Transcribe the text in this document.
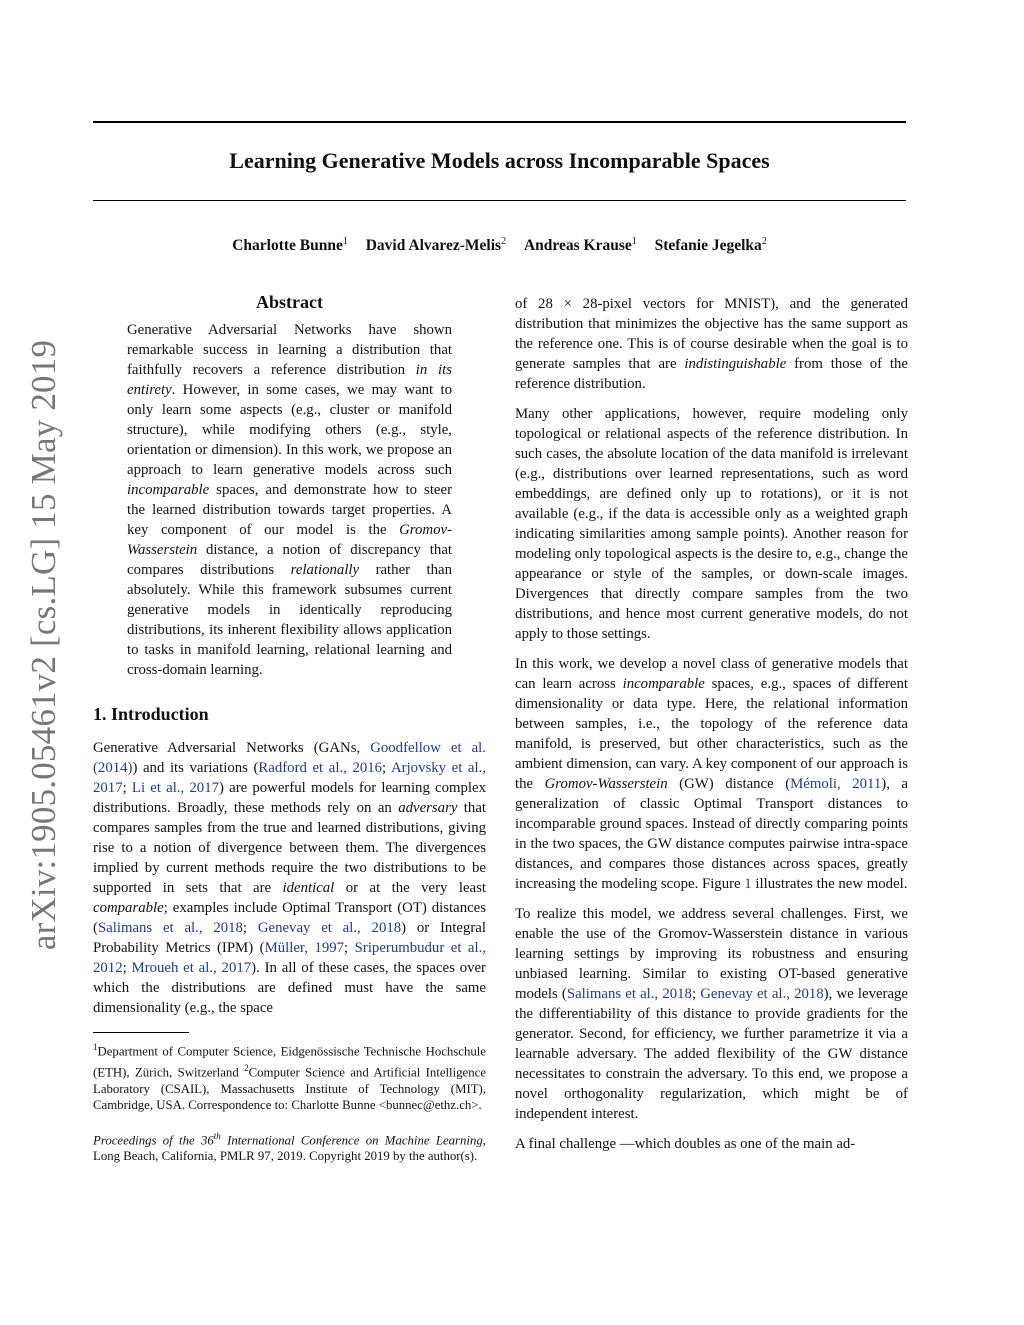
Learning Generative Models across Incomparable Spaces
Charlotte Bunne$^1$ David Alvarez-Melis$^2$ Andreas Krause$^1$ Stefanie Jegelka$^2$
arXiv:1905.05461v2 [cs.LG] 15 May 2019
Abstract
Generative Adversarial Networks have shown remarkable success in learning a distribution that faithfully recovers a reference distribution in its entirety. However, in some cases, we may want to only learn some aspects (e.g., cluster or manifold structure), while modifying others (e.g., style, orientation or dimension). In this work, we propose an approach to learn generative models across such incomparable spaces, and demonstrate how to steer the learned distribution towards target properties. A key component of our model is the Gromov-Wasserstein distance, a notion of discrepancy that compares distributions relationally rather than absolutely. While this framework subsumes current generative models in identically reproducing distributions, its inherent flexibility allows application to tasks in manifold learning, relational learning and cross-domain learning.
1. Introduction

Generative Adversarial Networks (GANs, Goodfellow et al. (2014)) and its variations (Radford et al., 2016; Arjovsky et al., 2017; Li et al., 2017) are powerful models for learning complex distributions. Broadly, these methods rely on an adversary that compares samples from the true and learned distributions, giving rise to a notion of divergence between them. The divergences implied by current methods require the two distributions to be supported in sets that are identical or at the very least comparable; examples include Optimal Transport (OT) distances (Salimans et al., 2018; Genevay et al., 2018) or Integral Probability Metrics (IPM) (Müller, 1997; Sriperumbudur et al., 2012; Mroueh et al., 2017). In all of these cases, the spaces over which the distributions are defined must have the same dimensionality (e.g., the space

$^1$Department of Computer Science, Eidgenössische Technische Hochschule (ETH), Zürich, Switzerland $^2$Computer Science and Artificial Intelligence Laboratory (CSAIL), Massachusetts Institute of Technology (MIT), Cambridge, USA. Correspondence to: Charlotte Bunne <bunnec@ethz.ch>.
Proceedings of the 36th International Conference on Machine Learning, Long Beach, California, PMLR 97, 2019. Copyright 2019 by the author(s).

of 28 × 28-pixel vectors for MNIST), and the generated distribution that minimizes the objective has the same support as the reference one. This is of course desirable when the goal is to generate samples that are indistinguishable from those of the reference distribution.

Many other applications, however, require modeling only topological or relational aspects of the reference distribution. In such cases, the absolute location of the data manifold is irrelevant (e.g., distributions over learned representations, such as word embeddings, are defined only up to rotations), or it is not available (e.g., if the data is accessible only as a weighted graph indicating similarities among sample points). Another reason for modeling only topological aspects is the desire to, e.g., change the appearance or style of the samples, or down-scale images. Divergences that directly compare samples from the two distributions, and hence most current generative models, do not apply to those settings.

In this work, we develop a novel class of generative models that can learn across incomparable spaces, e.g., spaces of different dimensionality or data type. Here, the relational information between samples, i.e., the topology of the reference data manifold, is preserved, but other characteristics, such as the ambient dimension, can vary. A key component of our approach is the Gromov-Wasserstein (GW) distance (Mémoli, 2011), a generalization of classic Optimal Transport distances to incomparable ground spaces. Instead of directly comparing points in the two spaces, the GW distance computes pairwise intra-space distances, and compares those distances across spaces, greatly increasing the modeling scope. Figure 1 illustrates the new model.

To realize this model, we address several challenges. First, we enable the use of the Gromov-Wasserstein distance in various learning settings by improving its robustness and ensuring unbiased learning. Similar to existing OT-based generative models (Salimans et al., 2018; Genevay et al., 2018), we leverage the differentiability of this distance to provide gradients for the generator. Second, for efficiency, we further parametrize it via a learnable adversary. The added flexibility of the GW distance necessitates to constrain the adversary. To this end, we propose a novel orthogonality regularization, which might be of independent interest.

A final challenge —which doubles as one of the main ad-
